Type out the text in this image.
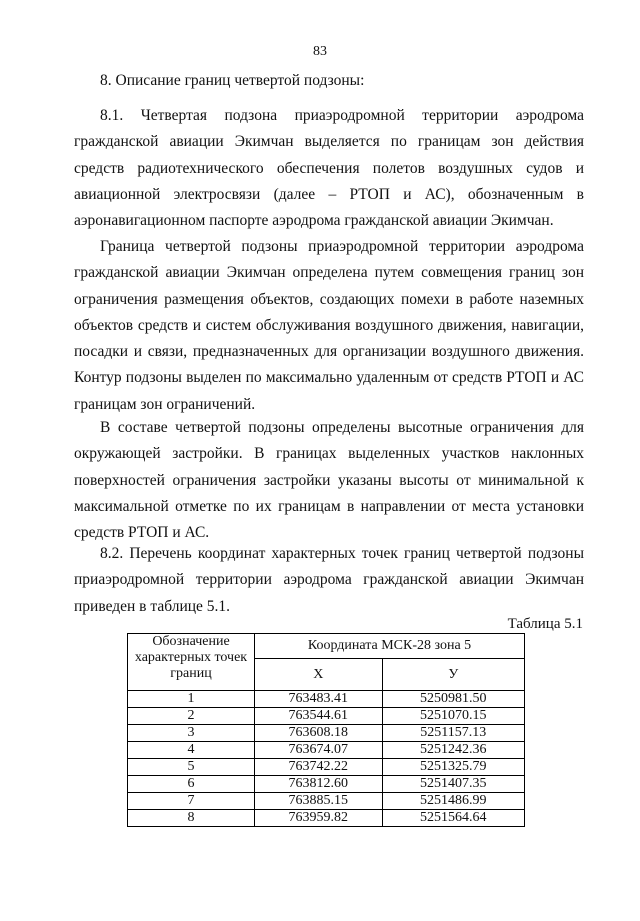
83
8. Описание границ четвертой подзоны:

8.1. Четвертая подзона приаэродромной территории аэродрома гражданской авиации Экимчан выделяется по границам зон действия средств радиотехнического обеспечения полетов воздушных судов и авиационной электросвязи (далее – РТОП и АС), обозначенным в аэронавигационном паспорте аэродрома гражданской авиации Экимчан.

Граница четвертой подзоны приаэродромной территории аэродрома гражданской авиации Экимчан определена путем совмещения границ зон ограничения размещения объектов, создающих помехи в работе наземных объектов средств и систем обслуживания воздушного движения, навигации, посадки и связи, предназначенных для организации воздушного движения. Контур подзоны выделен по максимально удаленным от средств РТОП и АС границам зон ограничений.

В составе четвертой подзоны определены высотные ограничения для окружающей застройки. В границах выделенных участков наклонных поверхностей ограничения застройки указаны высоты от минимальной к максимальной отметке по их границам в направлении от места установки средств РТОП и АС.

8.2. Перечень координат характерных точек границ четвертой подзоны приаэродромной территории аэродрома гражданской авиации Экимчан приведен в таблице 5.1.

Таблица 5.1
Обозначение характерных точек границ	Координата МСК-28 зона 5	
	X	У
1	763483.41	5250981.50
2	763544.61	5251070.15
3	763608.18	5251157.13
4	763674.07	5251242.36
5	763742.22	5251325.79
6	763812.60	5251407.35
7	763885.15	5251486.99
8	763959.82	5251564.64
